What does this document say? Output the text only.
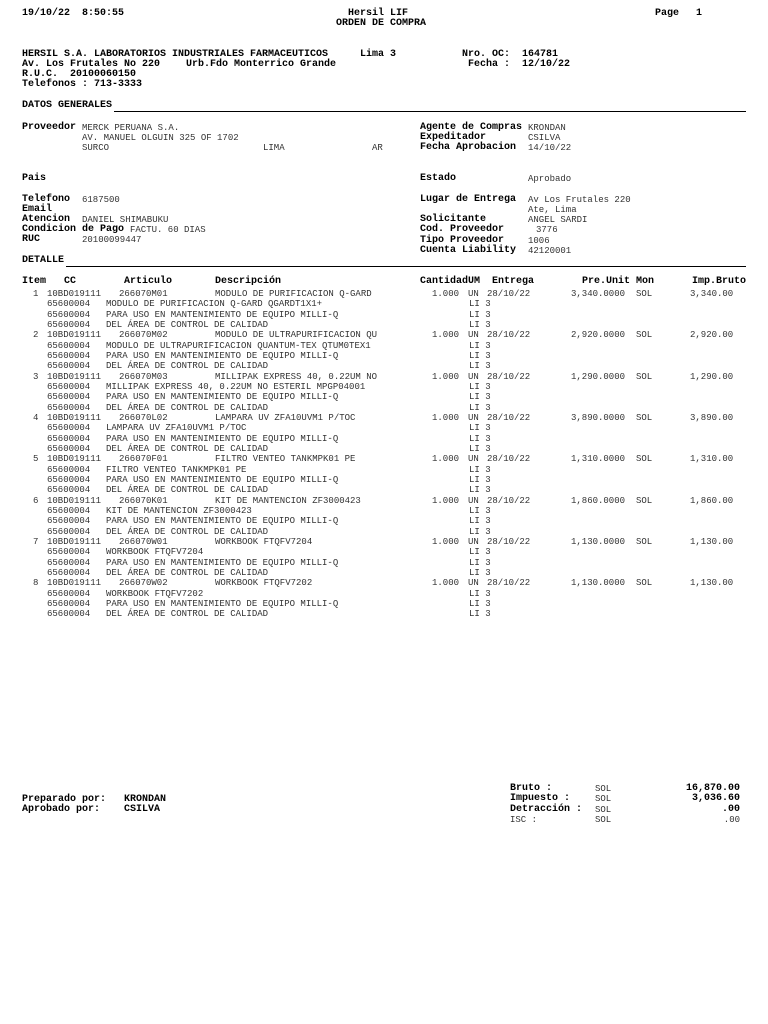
19/10/22  8:50:55	Hersil LIF
ORDEN DE COMPRA
Page 1
HERSIL S.A. LABORATORIOS INDUSTRIALES FARMACEUTICOS	Lima 3
Av. Los Frutales No 220	Urb.Fdo Monterrico Grande
R.U.C.  20100060150
Telefonos : 713-3333
Nro. OC: 164781
Fecha : 12/10/22
DATOS GENERALES
Proveedor MERCK PERUANA S.A.
AV. MANUEL OLGUIN 325 OF 1702
SURCO	LIMA	AR
Pais
Telefono 6187500
Email
Atencion DANIEL SHIMABUKU
Condicion de Pago FACTU. 60 DIAS
RUC	20100099447
Agente de Compras KRONDAN
Expeditador	CSILVA
Fecha Aprobacion 14/10/22
Estado	Aprobado
Lugar de Entrega Av Los Frutales 220
Ate, Lima
Solicitante	ANGEL SARDI
Cod. Proveedor	3776
Tipo Proveedor	1006
Cuenta Liability 42120001
DETALLE
Item CC	Articulo	Descripción	Cantidad UM Entrega	Pre.Unit Mon	Imp.Bruto
1 10BD019111 266070M01	MODULO DE PURIFICACION Q-GARD	1.000 UN 28/10/22	3,340.0000 SOL	3,340.00
65600004 MODULO DE PURIFICACION Q-GARD QGARDT1X1+	LI 3
65600004 PARA USO EN MANTENIMIENTO DE EQUIPO MILLI-Q	LI 3
65600004 DEL ÁREA DE CONTROL DE CALIDAD	LI 3
2 10BD019111 266070M02	MODULO DE ULTRAPURIFICACION QU	1.000 UN 28/10/22	2,920.0000 SOL	2,920.00
65600004 MODULO DE ULTRAPURIFICACION QUANTUM-TEX QTUM0TEX1	LI 3
65600004 PARA USO EN MANTENIMIENTO DE EQUIPO MILLI-Q	LI 3
65600004 DEL ÁREA DE CONTROL DE CALIDAD	LI 3
3 10BD019111 266070M03	MILLIPAK EXPRESS 40, 0.22UM NO	1.000 UN 28/10/22	1,290.0000 SOL	1,290.00
65600004 MILLIPAK EXPRESS 40, 0.22UM NO ESTERIL MPGP04001	LI 3
65600004 PARA USO EN MANTENIMIENTO DE EQUIPO MILLI-Q	LI 3
65600004 DEL ÁREA DE CONTROL DE CALIDAD	LI 3
4 10BD019111 266070L02	LAMPARA UV ZFA10UVM1 P/TOC	1.000 UN 28/10/22	3,890.0000 SOL	3,890.00
65600004 LAMPARA UV ZFA10UVM1 P/TOC	LI 3
65600004 PARA USO EN MANTENIMIENTO DE EQUIPO MILLI-Q	LI 3
65600004 DEL ÁREA DE CONTROL DE CALIDAD	LI 3
5 10BD019111 266070F01	FILTRO VENTEO TANKMPK01 PE	1.000 UN 28/10/22	1,310.0000 SOL	1,310.00
65600004 FILTRO VENTEO TANKMPK01 PE	LI 3
65600004 PARA USO EN MANTENIMIENTO DE EQUIPO MILLI-Q	LI 3
65600004 DEL ÁREA DE CONTROL DE CALIDAD	LI 3
6 10BD019111 266070K01	KIT DE MANTENCION ZF3000423	1.000 UN 28/10/22	1,860.0000 SOL	1,860.00
65600004 KIT DE MANTENCION ZF3000423	LI 3
65600004 PARA USO EN MANTENIMIENTO DE EQUIPO MILLI-Q	LI 3
65600004 DEL ÁREA DE CONTROL DE CALIDAD	LI 3
7 10BD019111 266070W01	WORKBOOK FTQFV7204	1.000 UN 28/10/22	1,130.0000 SOL	1,130.00
65600004 WORKBOOK FTQFV7204	LI 3
65600004 PARA USO EN MANTENIMIENTO DE EQUIPO MILLI-Q	LI 3
65600004 DEL ÁREA DE CONTROL DE CALIDAD	LI 3
8 10BD019111 266070W02	WORKBOOK FTQFV7202	1.000 UN 28/10/22	1,130.0000 SOL	1,130.00
65600004 WORKBOOK FTQFV7202	LI 3
65600004 PARA USO EN MANTENIMIENTO DE EQUIPO MILLI-Q	LI 3
65600004 DEL ÁREA DE CONTROL DE CALIDAD	LI 3
Preparado por: KRONDAN
Aprobado por: CSILVA
Bruto :	SOL	16,870.00
Impuesto :	SOL	3,036.60
Detracción : SOL	.00
ISC :	SOL	.00
